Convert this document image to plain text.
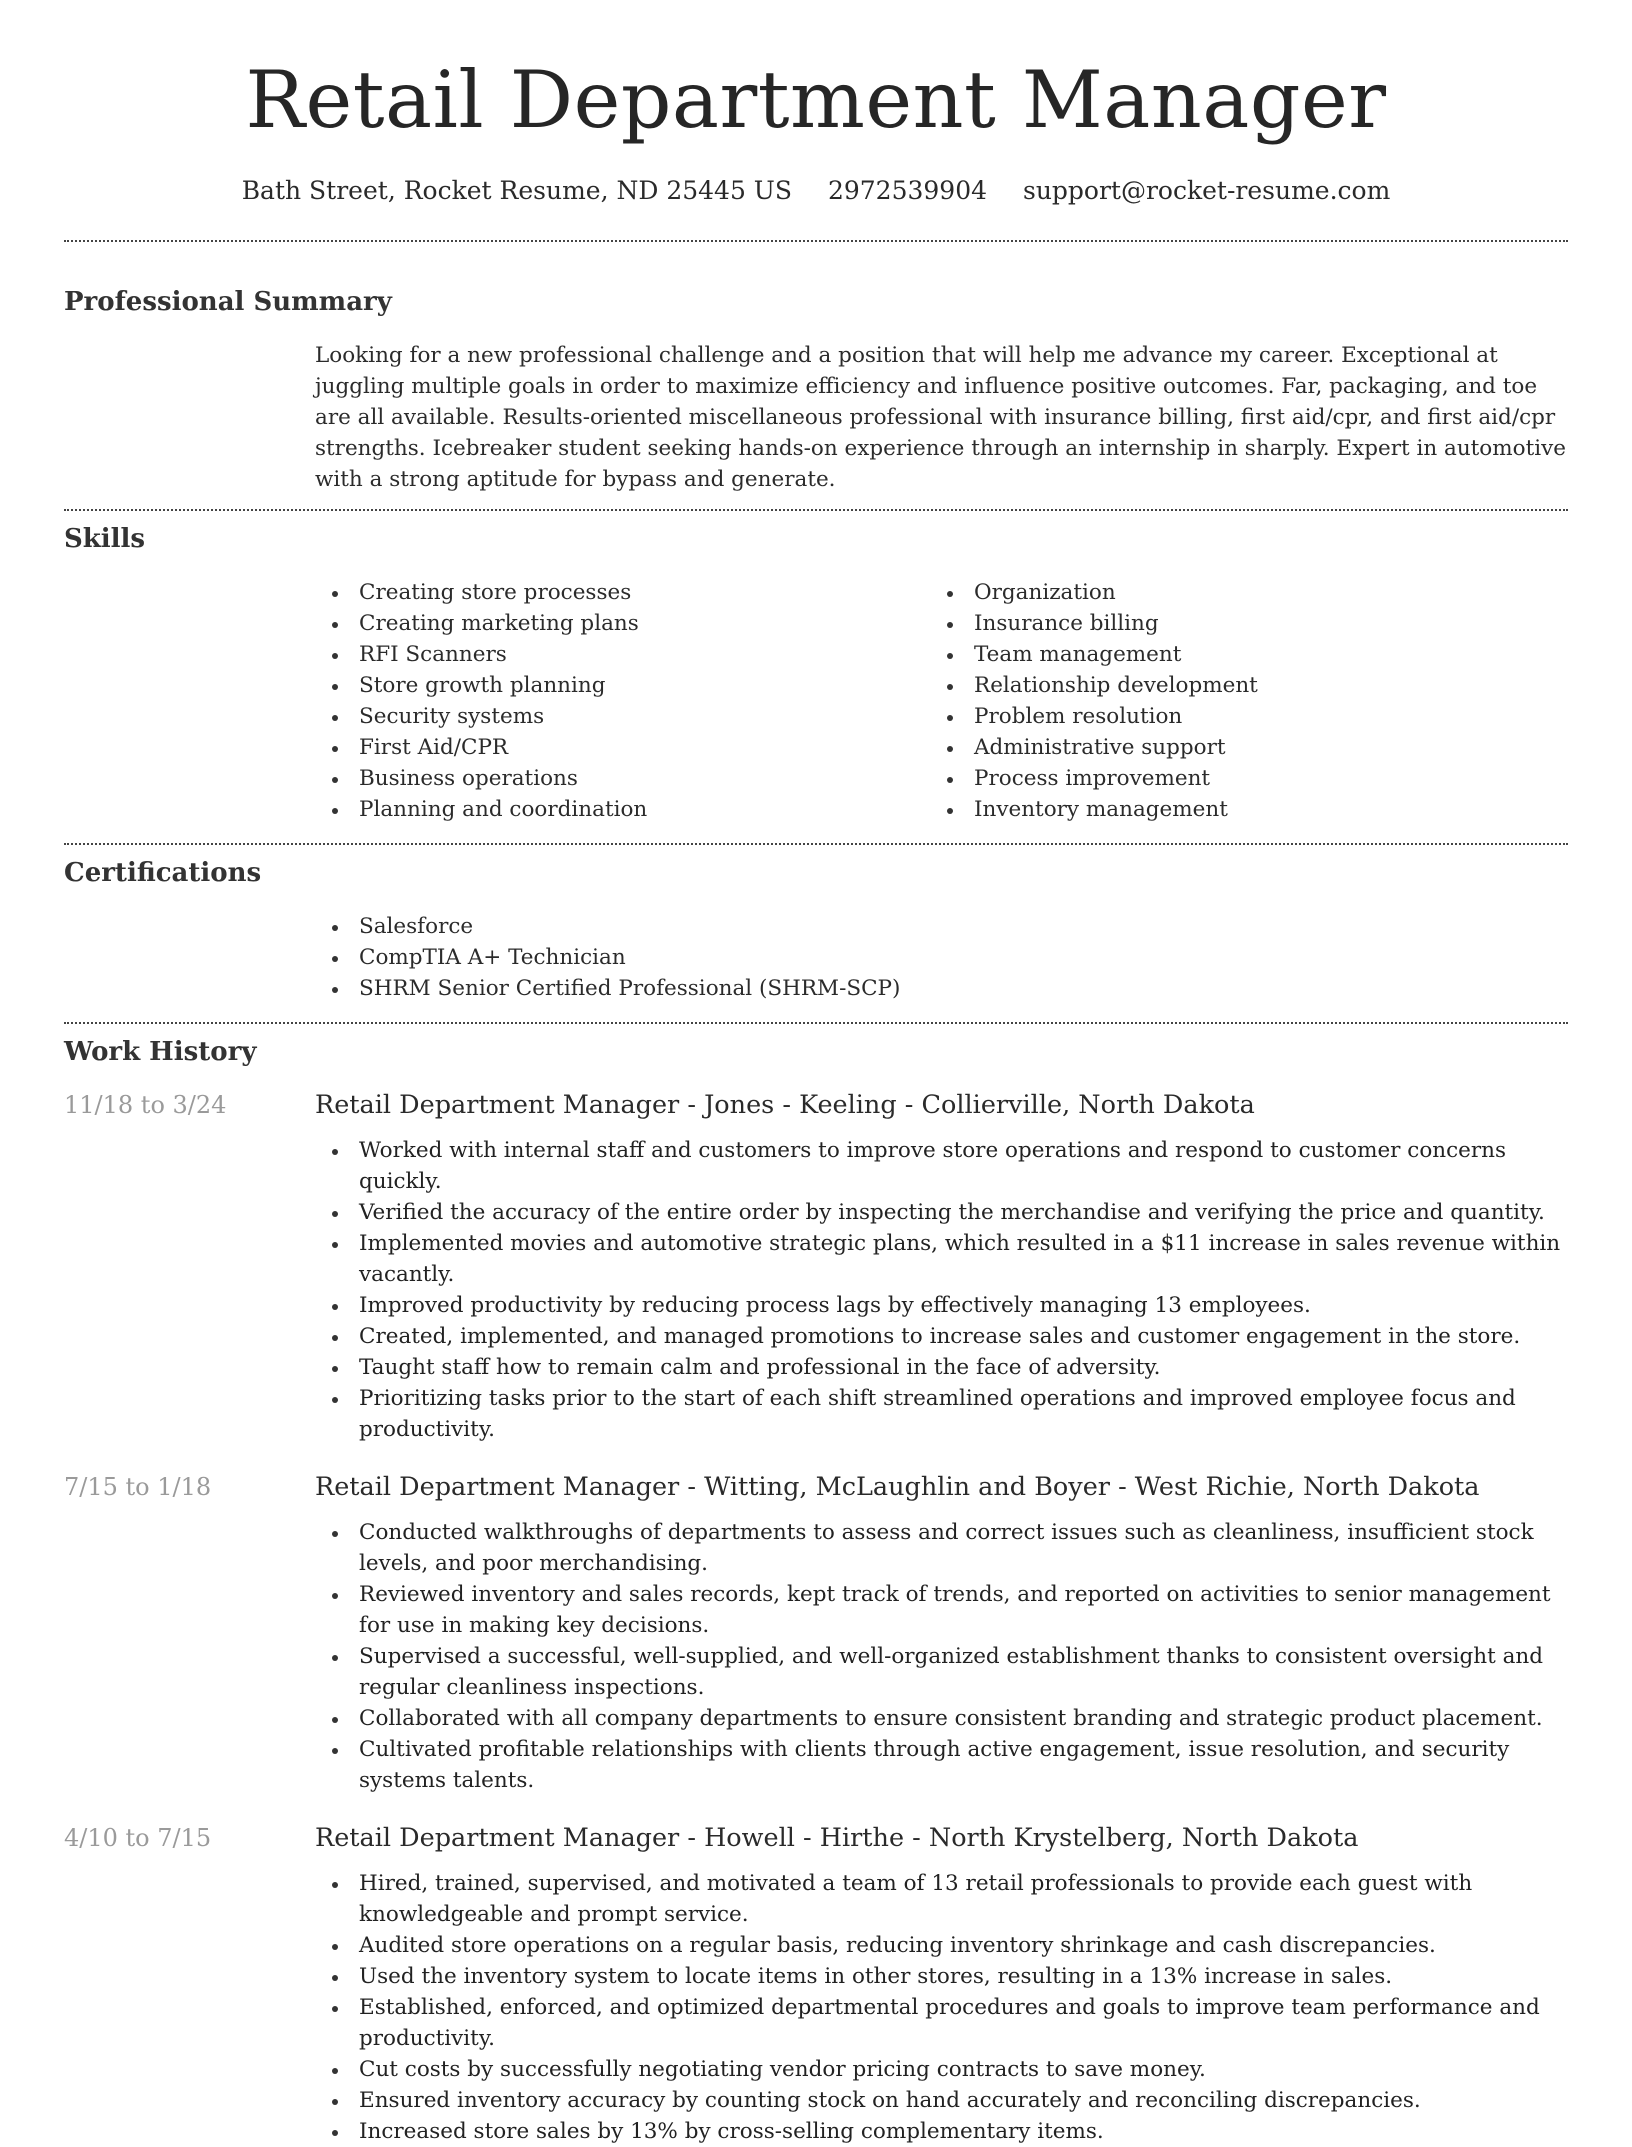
Retail Department Manager
Bath Street, Rocket Resume, ND 25445 US 2972539904 support@rocket-resume.com
Professional Summary

Looking for a new professional challenge and a position that will help me advance my career. Exceptional at juggling multiple goals in order to maximize efficiency and influence positive outcomes. Far, packaging, and toe are all available. Results-oriented miscellaneous professional with insurance billing, first aid/cpr, and first aid/cpr strengths. Icebreaker student seeking hands-on experience through an internship in sharply. Expert in automotive with a strong aptitude for bypass and generate.

Skills
Creating store processes
Creating marketing plans
RFI Scanners
Store growth planning
Security systems
First Aid/CPR
Business operations
Planning and coordination
Organization
Insurance billing
Team management
Relationship development
Problem resolution
Administrative support
Process improvement
Inventory management
Certifications
Salesforce
CompTIA A+ Technician
SHRM Senior Certified Professional (SHRM-SCP)
Work History
11/18 to 3/24	Retail Department Manager - Jones - Keeling - Collierville, North Dakota
Worked with internal staff and customers to improve store operations and respond to customer concerns quickly.
Verified the accuracy of the entire order by inspecting the merchandise and verifying the price and quantity.
Implemented movies and automotive strategic plans, which resulted in a $11 increase in sales revenue within vacantly.
Improved productivity by reducing process lags by effectively managing 13 employees.
Created, implemented, and managed promotions to increase sales and customer engagement in the store.
Taught staff how to remain calm and professional in the face of adversity.
Prioritizing tasks prior to the start of each shift streamlined operations and improved employee focus and productivity.
7/15 to 1/18	Retail Department Manager - Witting, McLaughlin and Boyer - West Richie, North Dakota
Conducted walkthroughs of departments to assess and correct issues such as cleanliness, insufficient stock levels, and poor merchandising.
Reviewed inventory and sales records, kept track of trends, and reported on activities to senior management for use in making key decisions.
Supervised a successful, well-supplied, and well-organized establishment thanks to consistent oversight and regular cleanliness inspections.
Collaborated with all company departments to ensure consistent branding and strategic product placement.
Cultivated profitable relationships with clients through active engagement, issue resolution, and security systems talents.
4/10 to 7/15	Retail Department Manager - Howell - Hirthe - North Krystelberg, North Dakota
Hired, trained, supervised, and motivated a team of 13 retail professionals to provide each guest with knowledgeable and prompt service.
Audited store operations on a regular basis, reducing inventory shrinkage and cash discrepancies.
Used the inventory system to locate items in other stores, resulting in a 13% increase in sales.
Established, enforced, and optimized departmental procedures and goals to improve team performance and productivity.
Cut costs by successfully negotiating vendor pricing contracts to save money.
Ensured inventory accuracy by counting stock on hand accurately and reconciling discrepancies.
Increased store sales by 13% by cross-selling complementary items.
